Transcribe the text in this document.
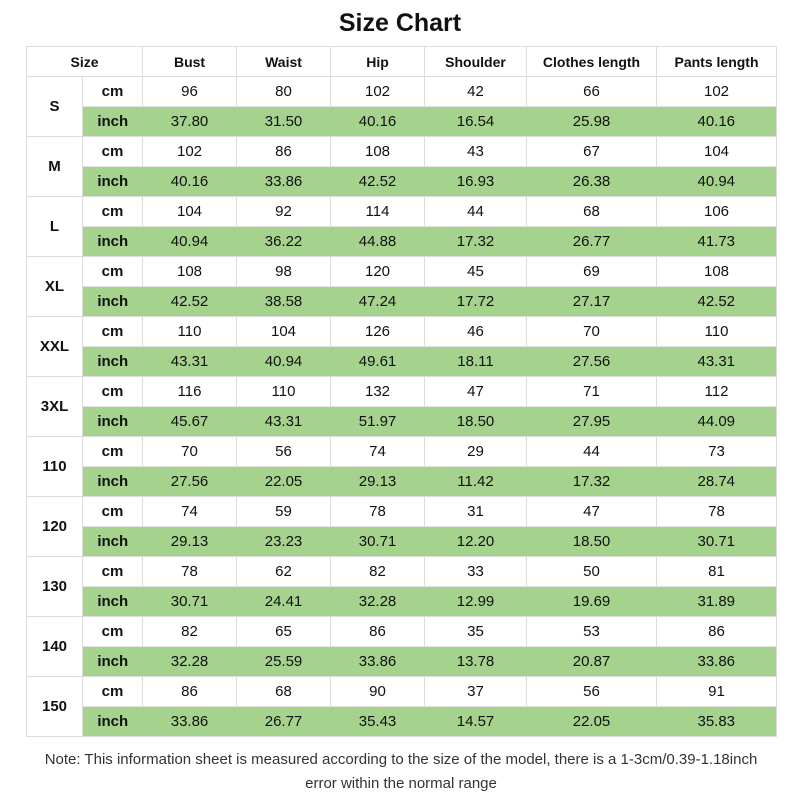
Size Chart
Size		Bust	Waist	Hip	Shoulder	Clothes length	Pants length
S	cm	96	80	102	42	66	102
	inch	37.80	31.50	40.16	16.54	25.98	40.16
M	cm	102	86	108	43	67	104
	inch	40.16	33.86	42.52	16.93	26.38	40.94
L	cm	104	92	114	44	68	106
	inch	40.94	36.22	44.88	17.32	26.77	41.73
XL	cm	108	98	120	45	69	108
	inch	42.52	38.58	47.24	17.72	27.17	42.52
XXL	cm	110	104	126	46	70	110
	inch	43.31	40.94	49.61	18.11	27.56	43.31
3XL	cm	116	110	132	47	71	112
	inch	45.67	43.31	51.97	18.50	27.95	44.09
110	cm	70	56	74	29	44	73
	inch	27.56	22.05	29.13	11.42	17.32	28.74
120	cm	74	59	78	31	47	78
	inch	29.13	23.23	30.71	12.20	18.50	30.71
130	cm	78	62	82	33	50	81
	inch	30.71	24.41	32.28	12.99	19.69	31.89
140	cm	82	65	86	35	53	86
	inch	32.28	25.59	33.86	13.78	20.87	33.86
150	cm	86	68	90	37	56	91
	inch	33.86	26.77	35.43	14.57	22.05	35.83
Note: This information sheet is measured according to the size of the model, there is a 1-3cm/0.39-1.18inch error within the normal range
